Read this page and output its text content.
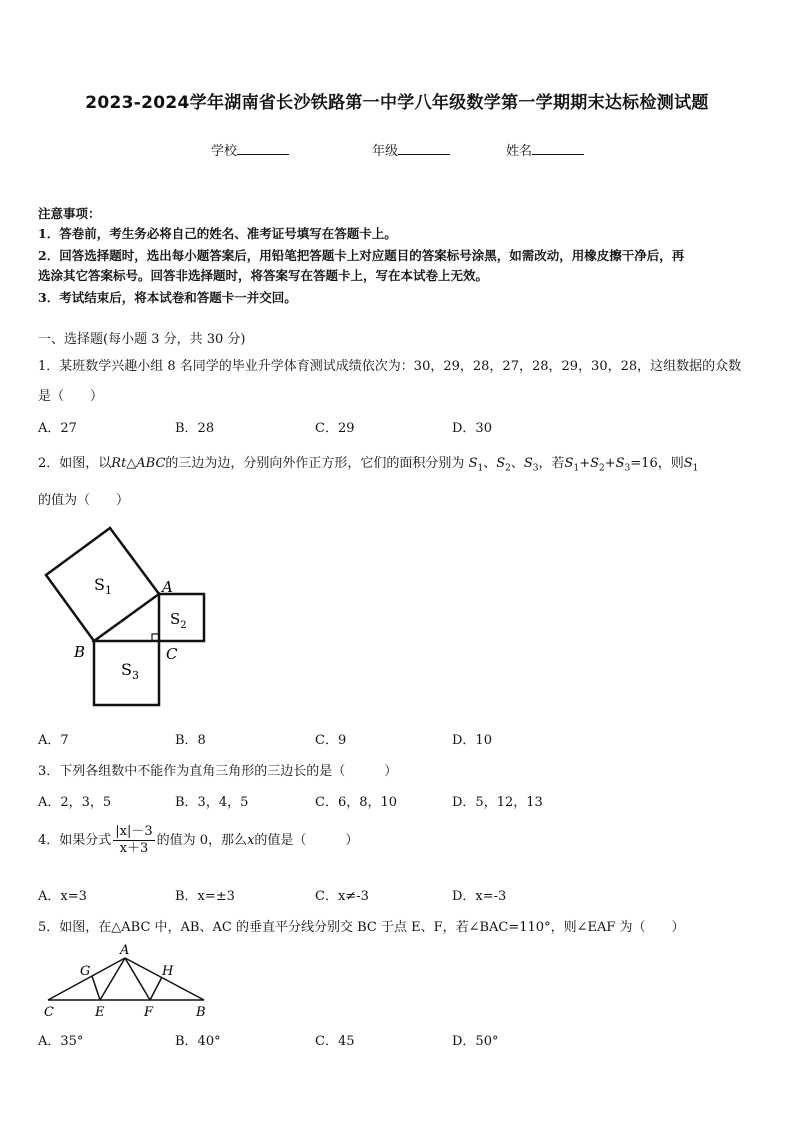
2023-2024学年湖南省长沙铁路第一中学八年级数学第一学期期末达标检测试题
学校	年级	姓名
注意事项：
1．答卷前，考生务必将自己的姓名、准考证号填写在答题卡上。
2．回答选择题时，选出每小题答案后，用铅笔把答题卡上对应题目的答案标号涂黑，如需改动，用橡皮擦干净后，再
选涂其它答案标号。回答非选择题时，将答案写在答题卡上，写在本试卷上无效。
3．考试结束后，将本试卷和答题卡一并交回。
一、选择题(每小题 3 分，共 30 分)
1．某班数学兴趣小组 8 名同学的毕业升学体育测试成绩依次为：30，29，28，27，28，29，30，28，这组数据的众数
是（　　）
A．27	B．28	C．29	D．30
2．如图，以Rt△ABC的三边为边，分别向外作正方形，它们的面积分别为 $S_1$、$S_2$、$S_3$，若$S_1+S_2+S_3=16$，则$S_1$
的值为（　　）
$S_1$
$S_2$
$S_3$
A
B	C
A．7	B．8	C．9	D．10
3．下列各组数中不能作为直角三角形的三边长的是（　　　）
A．2，3，5	B．3，4，5	C．6，8，10	D．5，12，13
4．如果分式 $\frac{|x|-3}{x+3}$ 的值为 0，那么x的值是（　　　）
A．x=3	B．x=±3	C．x≠-3	D．x=-3
5．如图，在△ABC 中，AB、AC 的垂直平分线分别交 BC 于点 E、F，若∠BAC=110°，则∠EAF 为（　　）
A
G	H
C	E	F	B
A．35°	B．40°	C．45	D．50°
